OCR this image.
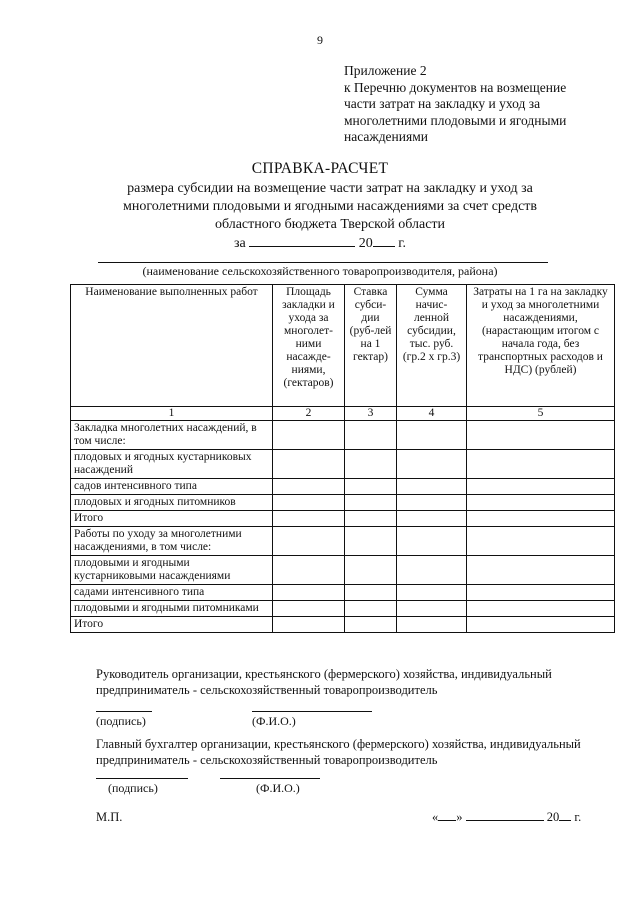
9
Приложение 2
к Перечню документов на возмещение
части затрат на закладку и уход за
многолетними плодовыми и ягодными
насаждениями
СПРАВКА-РАСЧЕТ
размера субсидии на возмещение части затрат на закладку и уход за
многолетними плодовыми и ягодными насаждениями за счет средств
областного бюджета Тверской области
за	20 г.
(наименование сельскохозяйственного товаропроизводителя, района)
Наименование выполненных работ	Площадь закладки и ухода за многолет-ними насажде-ниями, (гектаров)	Ставка субси-дии (руб-лей на 1 гектар)	Сумма начис-ленной субсидии, тыс. руб. (гр.2 х гр.3)	Затраты на 1 га на закладку и уход за многолетними насаждениями, (нарастающим итогом с начала года, без транспортных расходов и НДС) (рублей)
1	2	3	4	5
Закладка многолетних насаждений, в том числе:				
плодовых и ягодных кустарниковых насаждений				
садов интенсивного типа				
плодовых и ягодных питомников				
Итого				
Работы по уходу за многолетними насаждениями, в том числе:				
плодовыми и ягодными кустарниковыми насаждениями				
садами интенсивного типа				
плодовыми и ягодными питомниками				
Итого				
Руководитель организации, крестьянского (фермерского) хозяйства, индивидуальный предприниматель - сельскохозяйственный товаропроизводитель
(подпись)	(Ф.И.О.)
Главный бухгалтер организации, крестьянского (фермерского) хозяйства, индивидуальный предприниматель - сельскохозяйственный товаропроизводитель
(подпись)	(Ф.И.О.)
М.П.	« »	20 г.
